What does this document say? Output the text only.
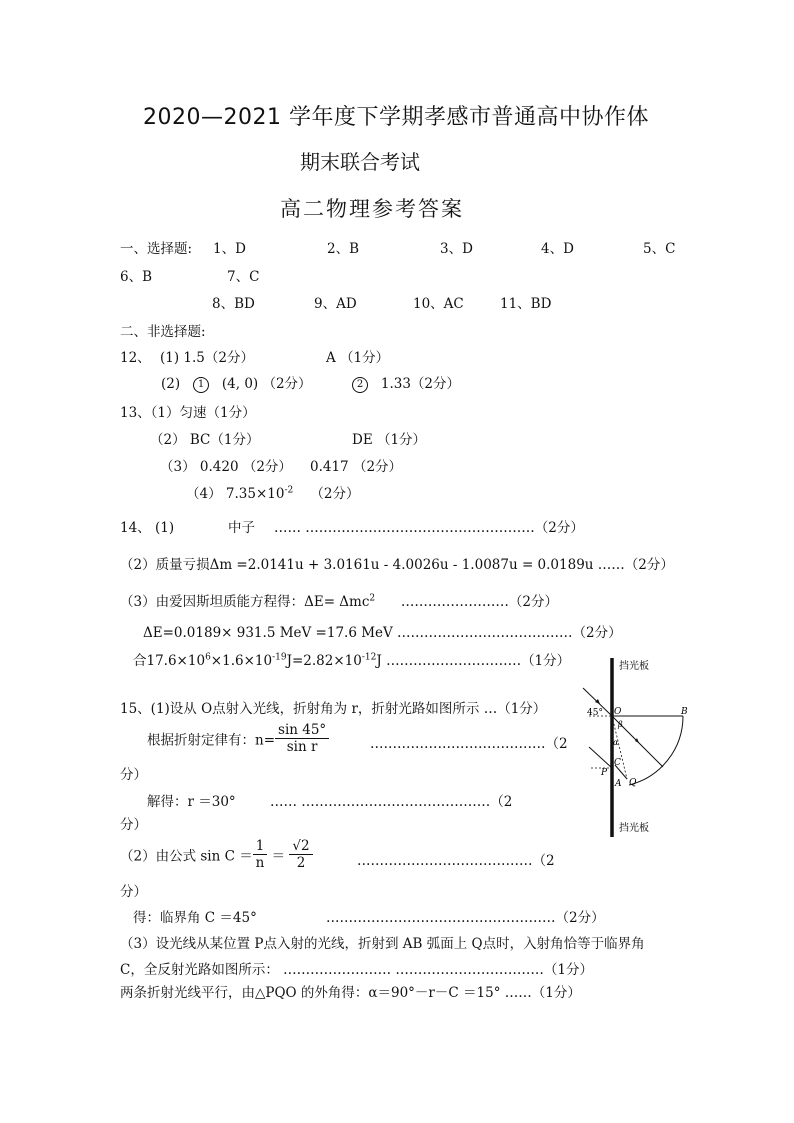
2020—2021 学年度下学期孝感市普通高中协作体
期末联合考试
高二物理参考答案
一、选择题: 1、D	2、B	3、D	4、D	5、C
6、B	7、C
8、BD	9、AD	10、AC	11、BD
二、非选择题:
12、 (1) 1.5（2分）	A （1分）
(2) 1 (4, 0) （2分）	2 1.33（2分）
13、（1）匀速（1分）
（2） BC（1分）	DE （1分）
（3） 0.420 （2分） 0.417 （2分）
（4） $7.35\times 10^{-2}$ （2分）
14、 (1)	中子 …… ……………………………………………（2分）
（2）质量亏损Δm =2.0141u + 3.0161u - 4.0026u - 1.0087u = 0.0189u ……（2分）
（3）由爱因斯坦质能方程得：ΔE= Δmc$^2$ ……………………（2分）
ΔE=0.0189× 931.5 MeV =17.6 MeV …………………………………（2分）
合$17.6\times 10^6\times 1.6\times 10^{-19}J=2.82\times 10^{-12}J$ …………………………（1分）
15、(1)设从 O点射入光线，折射角为 r，折射光路如图所示 …（1分）
根据折射定律有：$n= \frac{\sin 45^\circ}{\text{sin r}}$	…………………………………（2
分）
解得：r ＝30°	…… ……………………………………（2
分）
（2）由公式 $\sin C = \frac{1}{n} = \frac{√2}{2}$	…………………………………（2
分）
得：临界角 C ＝45°	……………………………………………（2分）
（3）设光线从某位置 P点入射的光线，折射到 AB 弧面上 Q点时，入射角恰等于临界角
C，全反射光路如图所示： …………………… ……………………………（1分）
两条折射光线平行，由△PQO 的外角得：α＝90°－r－C ＝15° ……（1分）
挡光板
挡光板
45° O	B
β
α
C
P
A Q
